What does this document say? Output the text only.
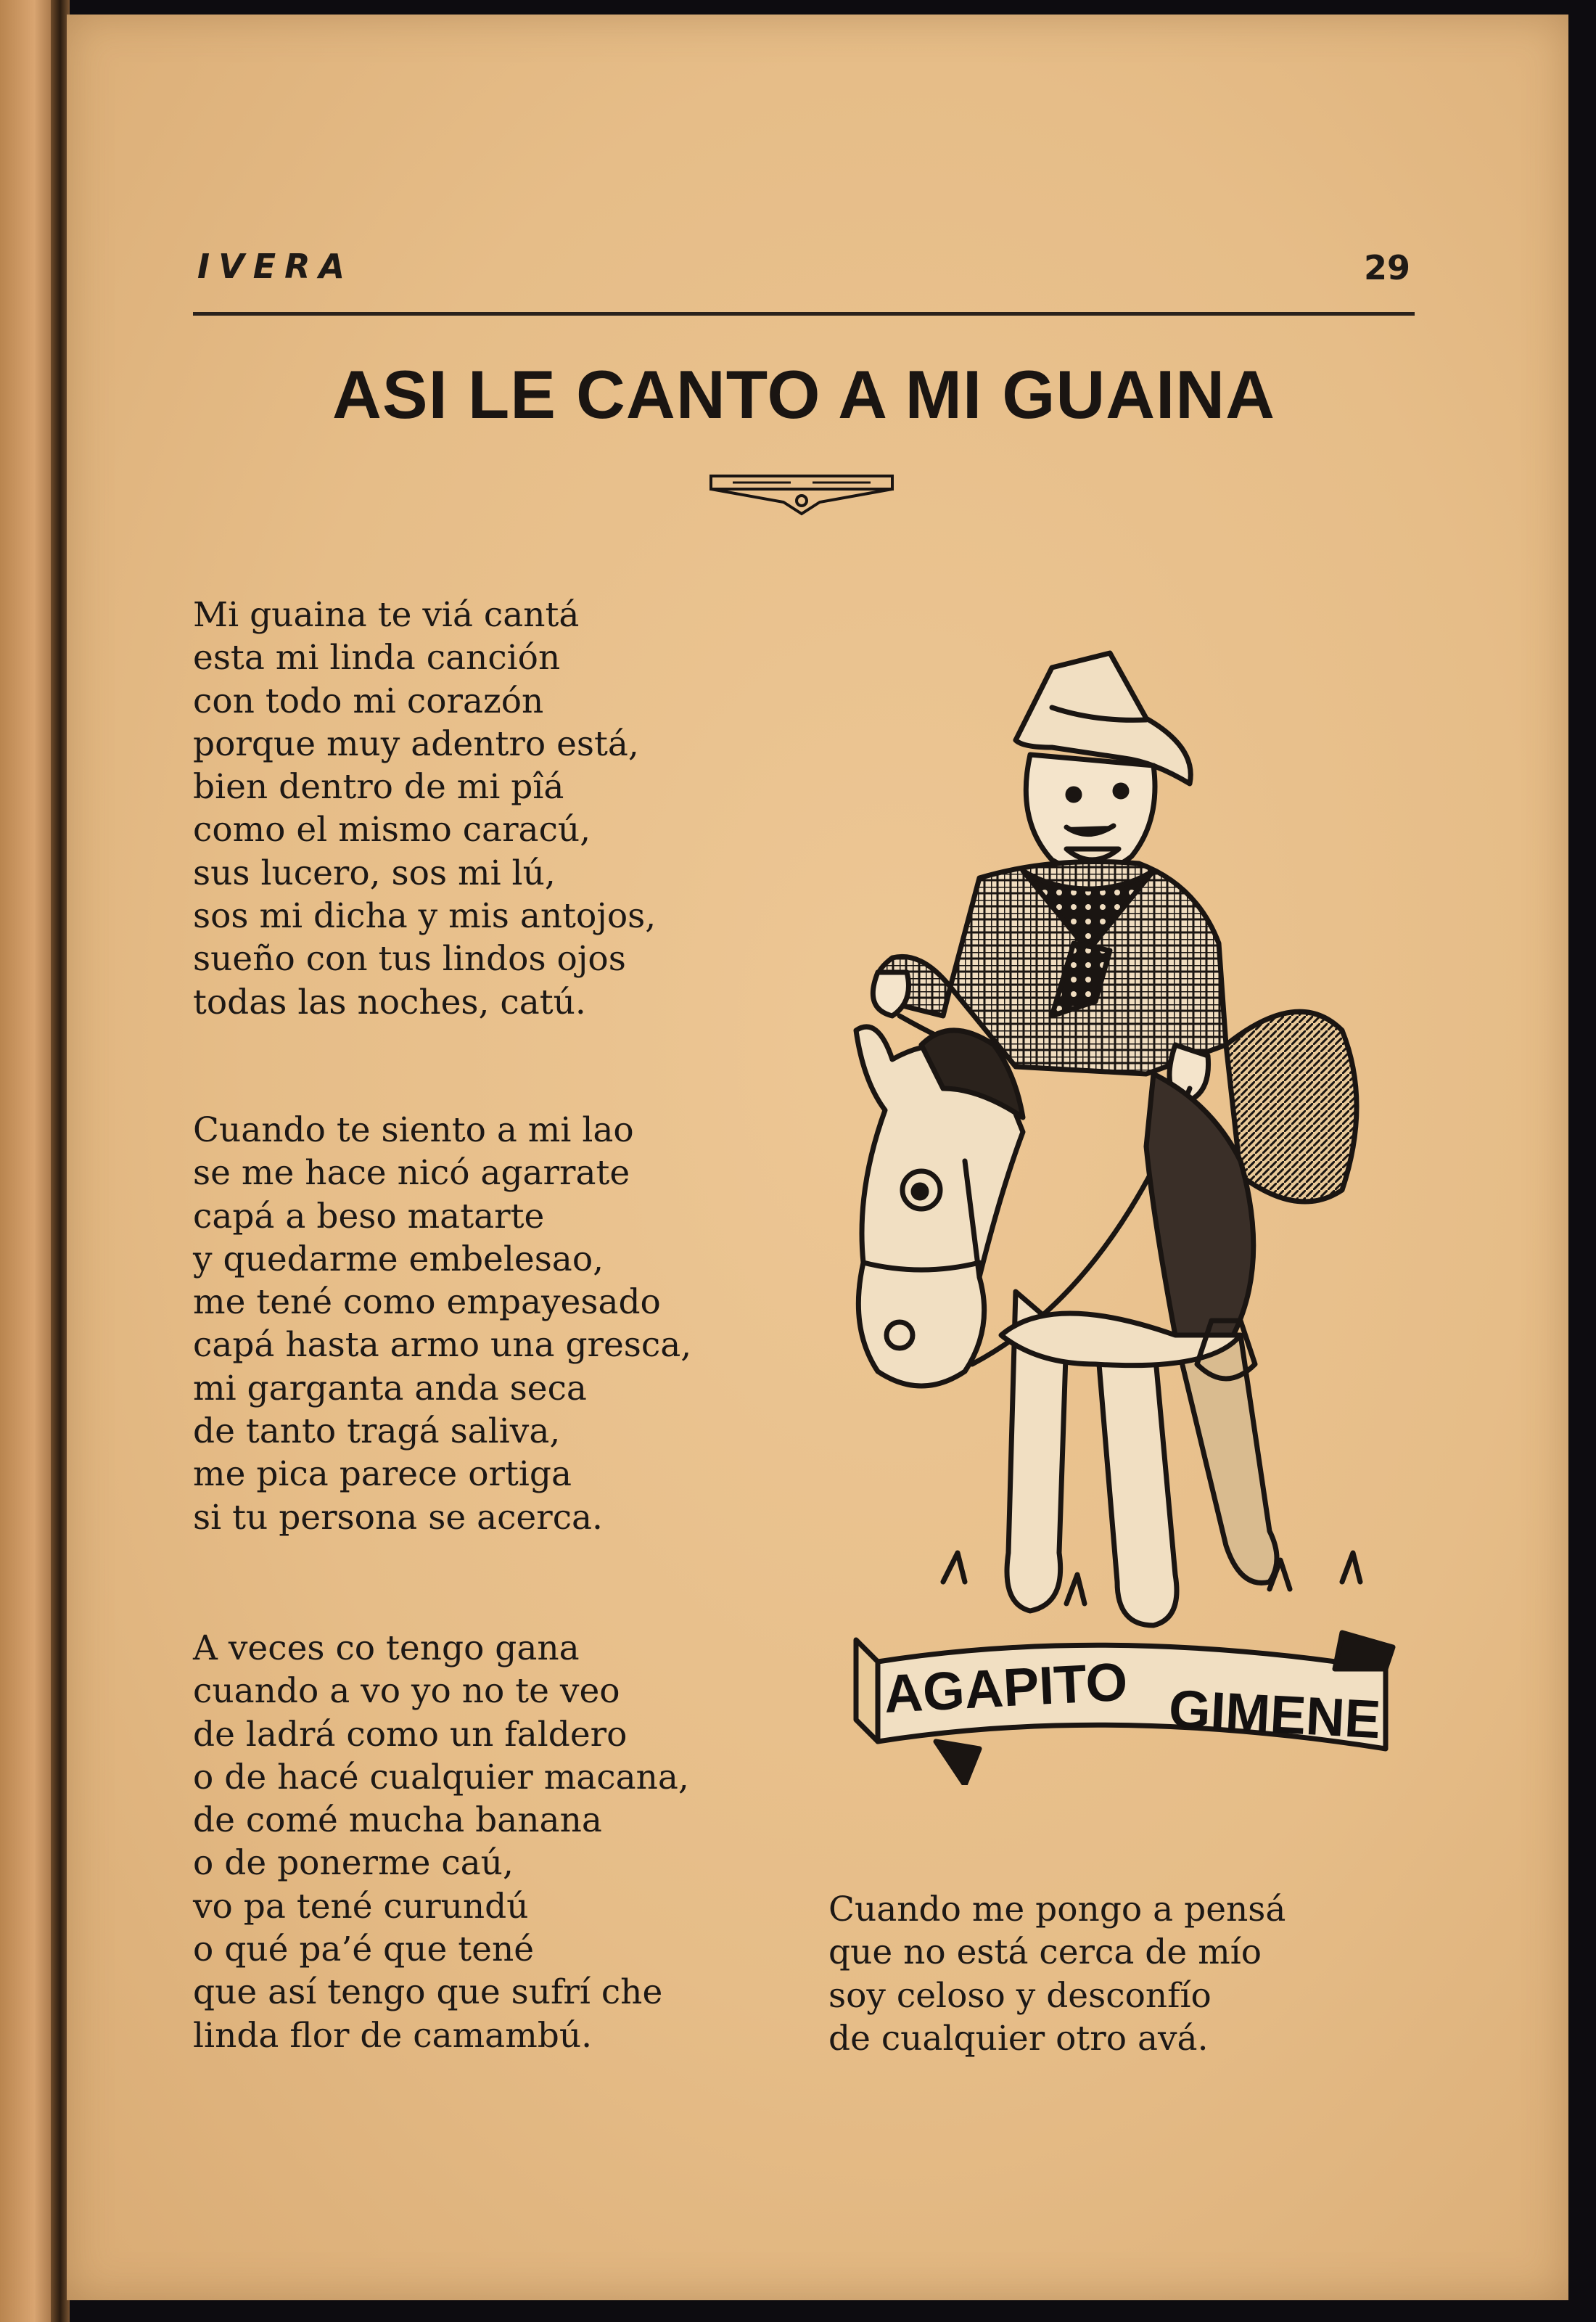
IVERA	29
ASI LE CANTO A MI GUAINA
Mi guaina te viá cantá
esta mi linda canción
con todo mi corazón
porque muy adentro está,
bien dentro de mi pîá
como el mismo caracú,
sus lucero, sos mi lú,
sos mi dicha y mis antojos,
sueño con tus lindos ojos
todas las noches, catú.
Cuando te siento a mi lao
se me hace nicó agarrate
capá a beso matarte
y quedarme embelesao,
me tené como empayesado
capá hasta armo una gresca,
mi garganta anda seca
de tanto tragá saliva,
me pica parece ortiga
si tu persona se acerca.
A veces co tengo gana
cuando a vo yo no te veo
de ladrá como un faldero
o de hacé cualquier macana,
de comé mucha banana
o de ponerme caú,
vo pa tené curundú
o qué pa’é que tené
que así tengo que sufrí che
linda flor de camambú.
Cuando me pongo a pensá
que no está cerca de mío
soy celoso y desconfío
de cualquier otro avá.
AGAPITO GIMENE
